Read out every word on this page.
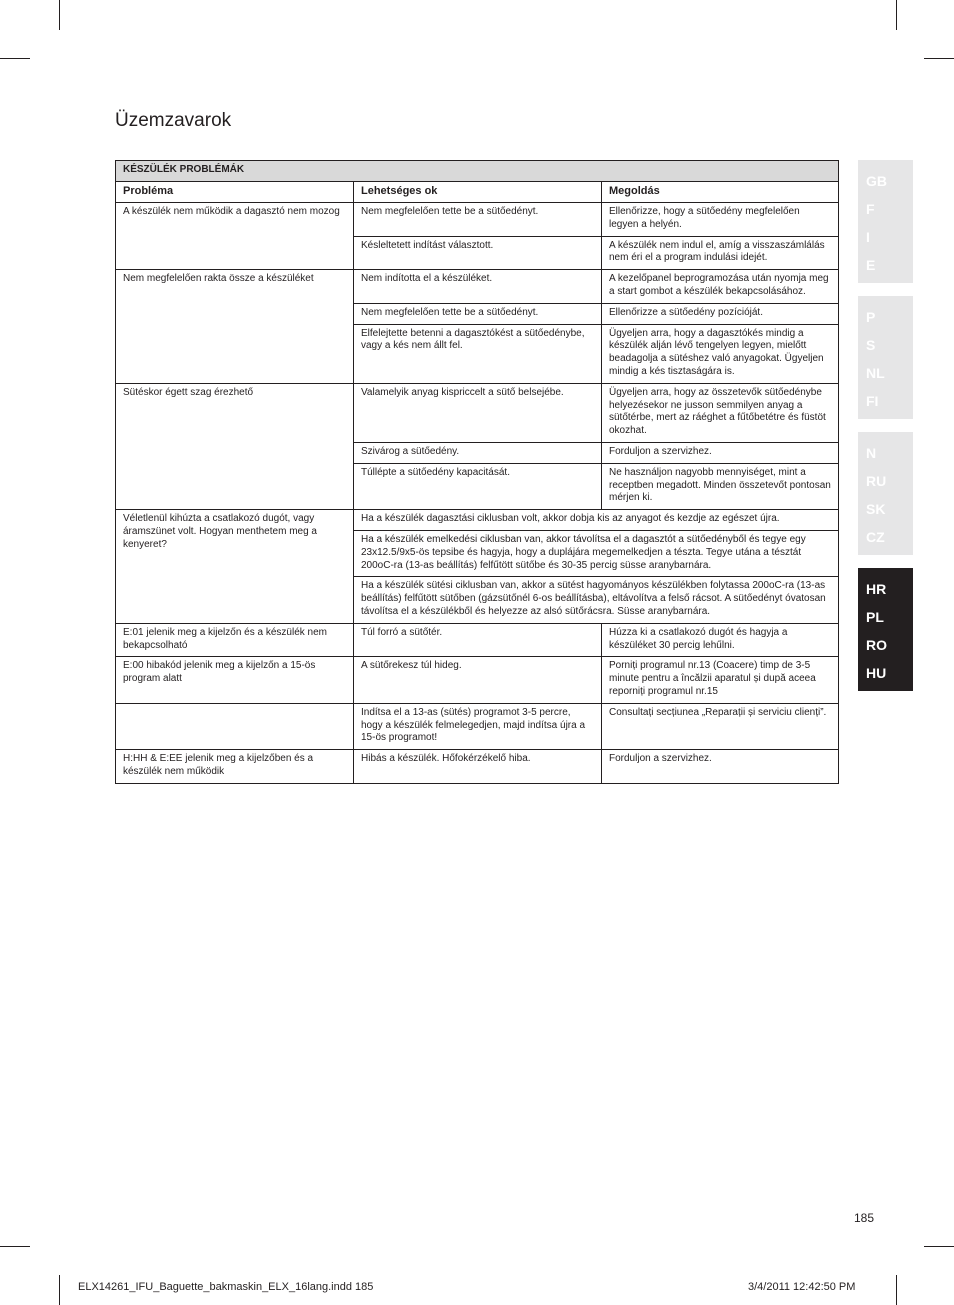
Üzemzavarok
KÉSZÜLÉK PROBLÉMÁK		
Probléma	Lehetséges ok	Megoldás
A készülék nem működik a dagasztó nem mozog	Nem megfelelően tette be a sütőedényt.	Ellenőrizze, hogy a sütőedény megfelelően legyen a helyén.
	Késleltetett indítást választott.	A készülék nem indul el, amíg a visszaszámlálás nem éri el a program indulási idejét.
Nem megfelelően rakta össze a készüléket	Nem indította el a készüléket.	A kezelőpanel beprogramozása után nyomja meg a start gombot a készülék bekapcsolásához.
	Nem megfelelően tette be a sütőedényt.	Ellenőrizze a sütőedény pozícióját.
	Elfelejtette betenni a dagasztókést a sütőedénybe, vagy a kés nem állt fel.	Ügyeljen arra, hogy a dagasztókés mindig a készülék alján lévő tengelyen legyen, mielőtt beadagolja a sütéshez való anyagokat. Ügyeljen mindig a kés tisztaságára is.
Sütéskor égett szag érezhető	Valamelyik anyag kispriccelt a sütő belsejébe.	Ügyeljen arra, hogy az összetevők sütőedénybe helyezésekor ne jusson semmilyen anyag a sütőtérbe, mert az ráéghet a fűtőbetétre és füstöt okozhat.
	Szivárog a sütőedény.	Forduljon a szervizhez.
	Túllépte a sütőedény kapacitását.	Ne használjon nagyobb mennyiséget, mint a receptben megadott. Minden összetevőt pontosan mérjen ki.
Véletlenül kihúzta a csatlakozó dugót, vagy áramszünet volt. Hogyan menthetem meg a kenyeret?	Ha a készülék dagasztási ciklusban volt, akkor dobja kis az anyagot és kezdje az egészet újra.	
	Ha a készülék emelkedési ciklusban van, akkor távolítsa el a dagasztót a sütőedényből és tegye egy 23x12.5/9x5-ös tepsibe és hagyja, hogy a duplájára megemelkedjen a tészta. Tegye utána a tésztát 200oC-ra (13-as beállítás) felfűtött sütőbe és 30-35 percig süsse aranybarnára.	
	Ha a készülék sütési ciklusban van, akkor a sütést hagyományos készülékben folytassa 200oC-ra (13-as beállítás) felfűtött sütőben (gázsütőnél 6-os beállításba), eltávolítva a felső rácsot. A sütőedényt óvatosan távolítsa el a készülékből és helyezze az alsó sütőrácsra. Süsse aranybarnára.	
E:01 jelenik meg a kijelzőn és a készülék nem bekapcsolható	Túl forró a sütőtér.	Húzza ki a csatlakozó dugót és hagyja a készüléket 30 percig lehűlni.
E:00 hibakód jelenik meg a kijelzőn a 15-ös program alatt	A sütőrekesz túl hideg.	Porniți programul nr.13 (Coacere) timp de 3-5 minute pentru a încălzii aparatul și după aceea reporniți programul nr.15
	Indítsa el a 13-as (sütés) programot 3-5 percre, hogy a készülék felmelegedjen, majd indítsa újra a 15-ös programot!	Consultați secțiunea „Reparații și serviciu clienți”.
H:HH & E:EE jelenik meg a kijelzőben és a készülék nem működik	Hibás a készülék. Hőfokérzékelő hiba.	Forduljon a szervizhez.
GB
F
I
E
P
S
NL
FI
N
RU
SK
CZ
HR
PL
RO
HU
185
ELX14261_IFU_Baguette_bakmaskin_ELX_16lang.indd 185	3/4/2011 12:42:50 PM
